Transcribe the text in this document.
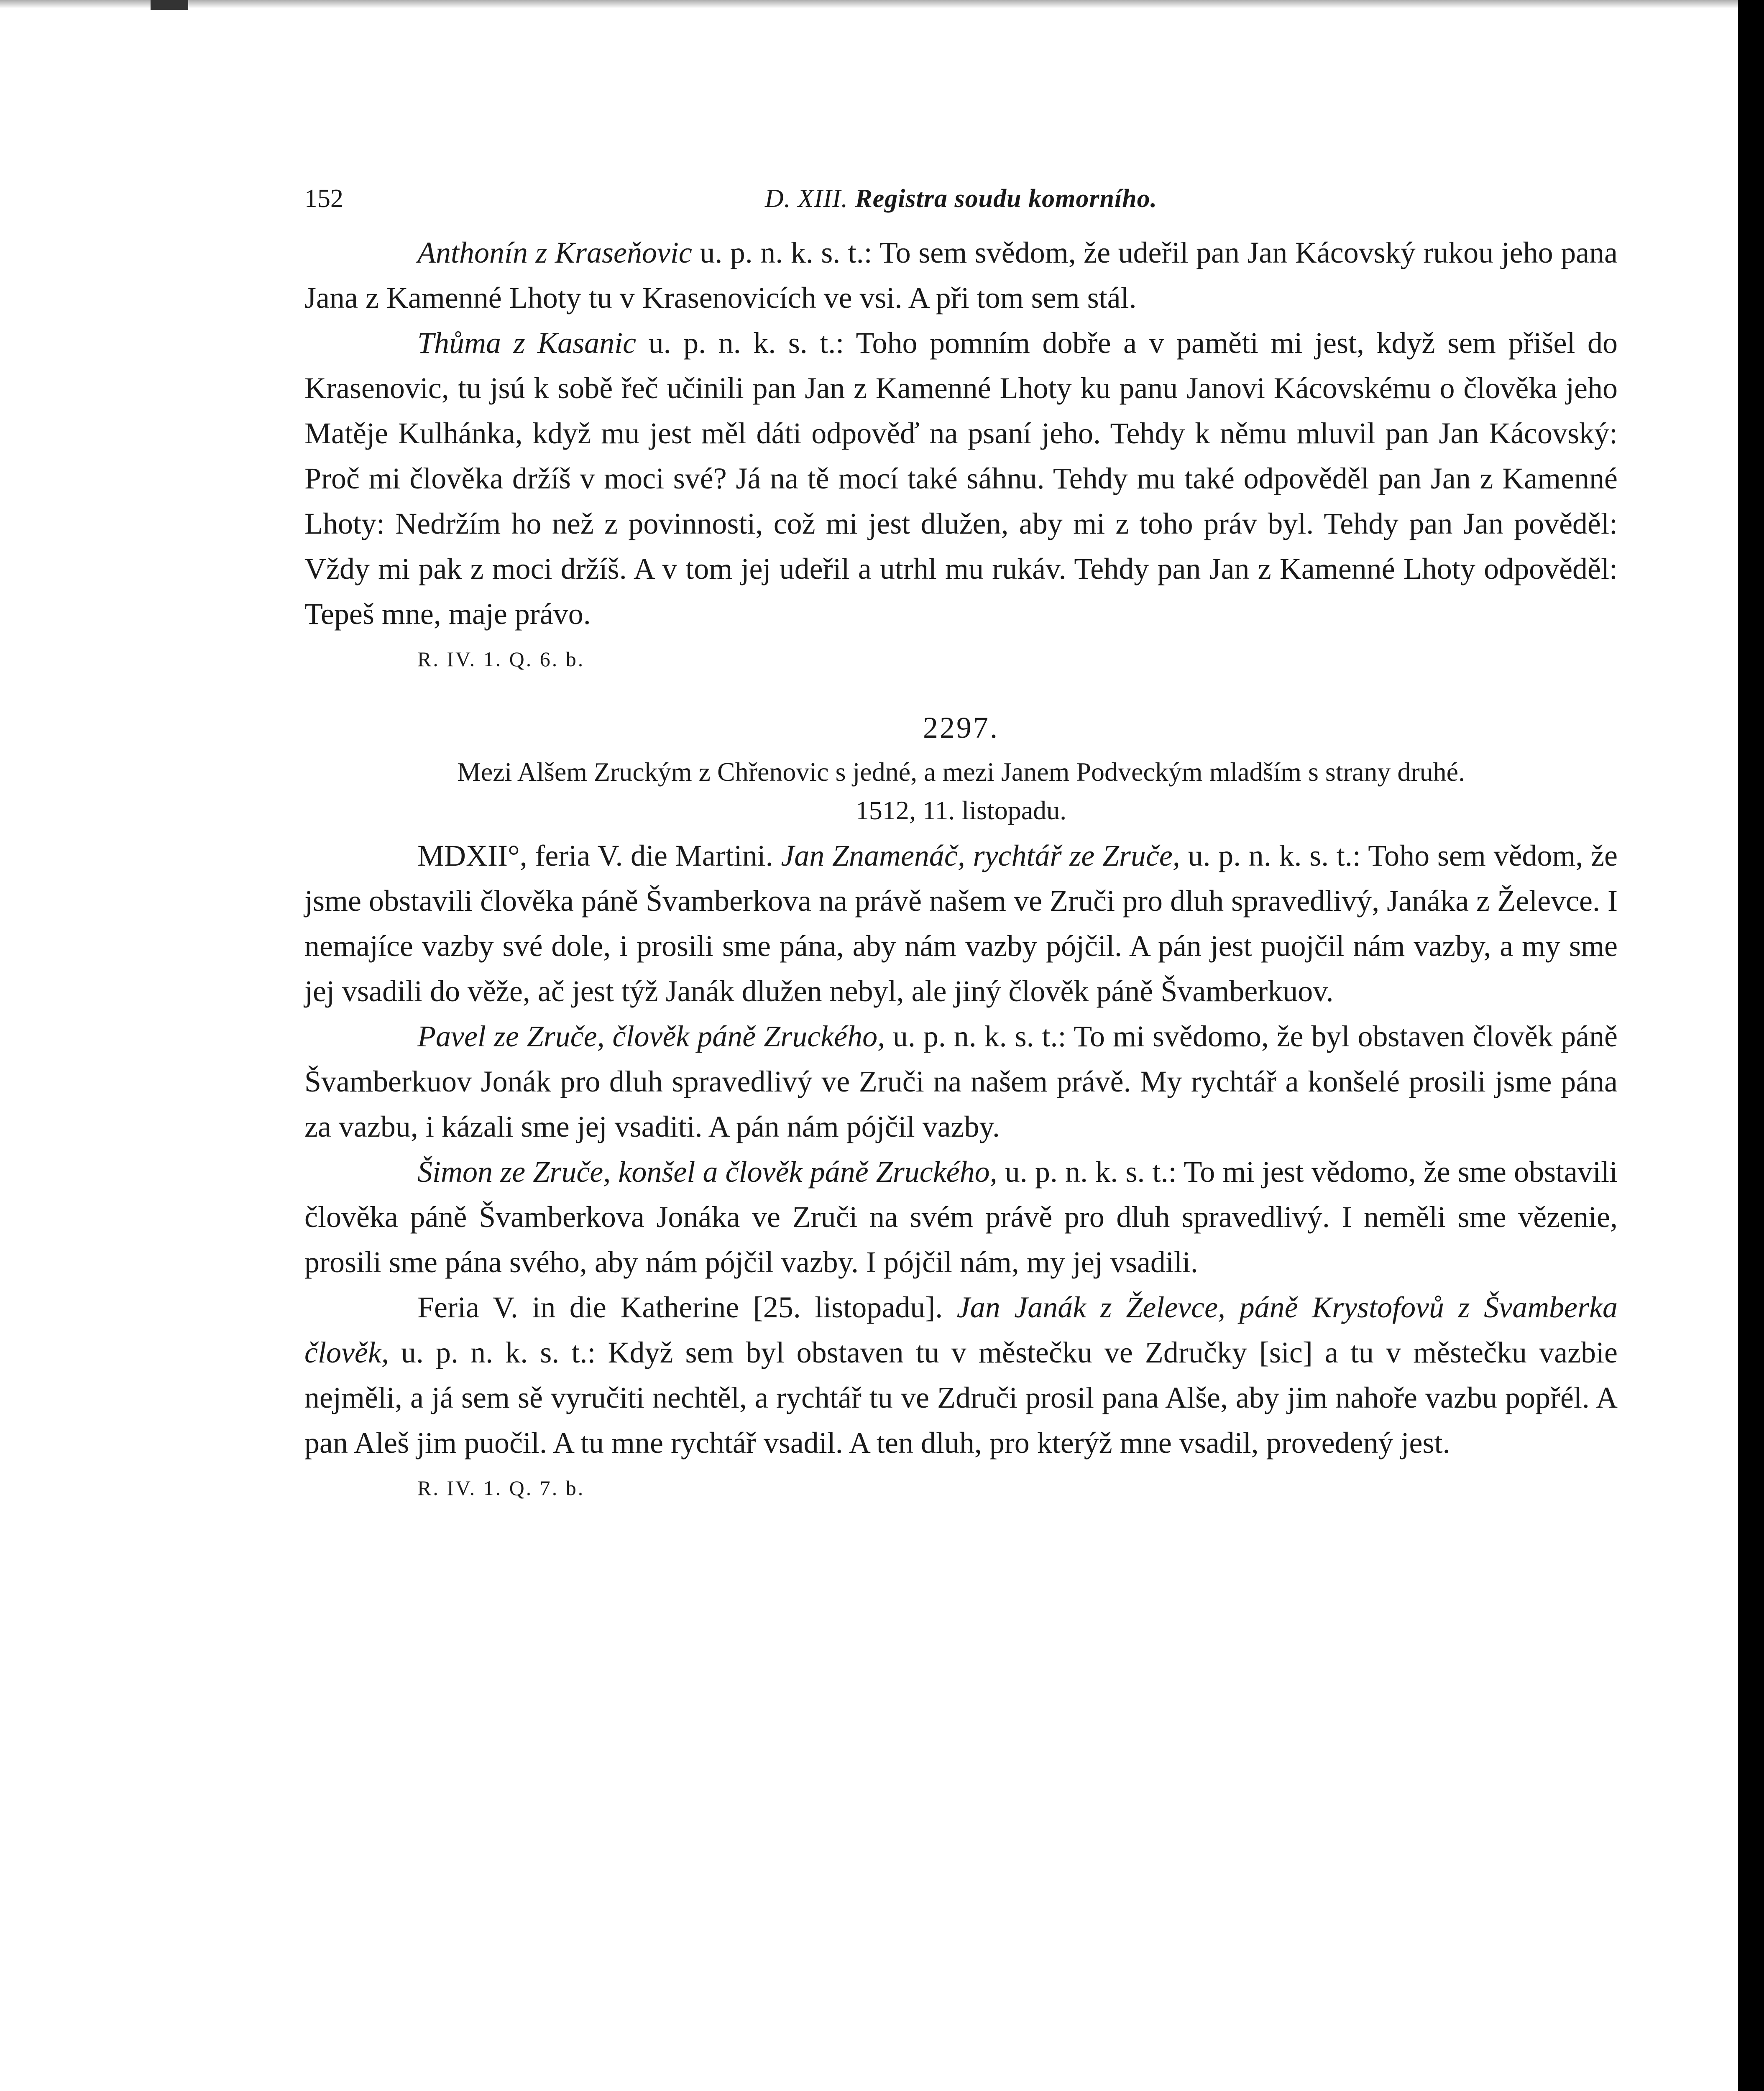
152	D. XIII. Registra soudu komorního.

Anthonín z Kraseňovic u. p. n. k. s. t.: To sem svědom, že udeřil pan Jan Kácovský rukou jeho pana Jana z Kamenné Lhoty tu v Krasenovicích ve vsi. A při tom sem stál.

Thůma z Kasanic u. p. n. k. s. t.: Toho pomním dobře a v paměti mi jest, když sem přišel do Krasenovic, tu jsú k sobě řeč učinili pan Jan z Kamenné Lhoty ku panu Janovi Kácovskému o člověka jeho Matěje Kulhánka, když mu jest měl dáti odpověď na psaní jeho. Tehdy k němu mluvil pan Jan Kácovský: Proč mi člověka držíš v moci své? Já na tě mocí také sáhnu. Tehdy mu také odpověděl pan Jan z Kamenné Lhoty: Nedržím ho než z povinnosti, což mi jest dlužen, aby mi z toho práv byl. Tehdy pan Jan pověděl: Vždy mi pak z moci držíš. A v tom jej udeřil a utrhl mu rukáv. Tehdy pan Jan z Kamenné Lhoty odpověděl: Tepeš mne, maje právo.

R. IV. 1. Q. 6. b.
2297.

Mezi Alšem Zruckým z Chřenovic s jedné, a mezi Janem Podveckým mladším s strany druhé.

1512, 11. listopadu.

MDXII°, feria V. die Martini. Jan Znamenáč, rychtář ze Zruče, u. p. n. k. s. t.: Toho sem vědom, že jsme obstavili člověka páně Švamberkova na právě našem ve Zruči pro dluh spravedlivý, Janáka z Želevce. I nemajíce vazby své dole, i prosili sme pána, aby nám vazby pójčil. A pán jest puojčil nám vazby, a my sme jej vsadili do věže, ač jest týž Janák dlužen nebyl, ale jiný člověk páně Švamberkuov.

Pavel ze Zruče, člověk páně Zruckého, u. p. n. k. s. t.: To mi svědomo, že byl obstaven člověk páně Švamberkuov Jonák pro dluh spravedlivý ve Zruči na našem právě. My rychtář a konšelé prosili jsme pána za vazbu, i kázali sme jej vsaditi. A pán nám pójčil vazby.

Šimon ze Zruče, konšel a člověk páně Zruckého, u. p. n. k. s. t.: To mi jest vědomo, že sme obstavili člověka páně Švamberkova Jonáka ve Zruči na svém právě pro dluh spravedlivý. I neměli sme vězenie, prosili sme pána svého, aby nám pójčil vazby. I pójčil nám, my jej vsadili.

Feria V. in die Katherine [25. listopadu]. Jan Janák z Želevce, páně Krystofovů z Švamberka člověk, u. p. n. k. s. t.: Když sem byl obstaven tu v městečku ve Zdručky [sic] a tu v městečku vazbie nejměli, a já sem sě vyručiti nechtěl, a rychtář tu ve Zdruči prosil pana Alše, aby jim nahoře vazbu popřél. A pan Aleš jim puočil. A tu mne rychtář vsadil. A ten dluh, pro kterýž mne vsadil, provedený jest.

R. IV. 1. Q. 7. b.
